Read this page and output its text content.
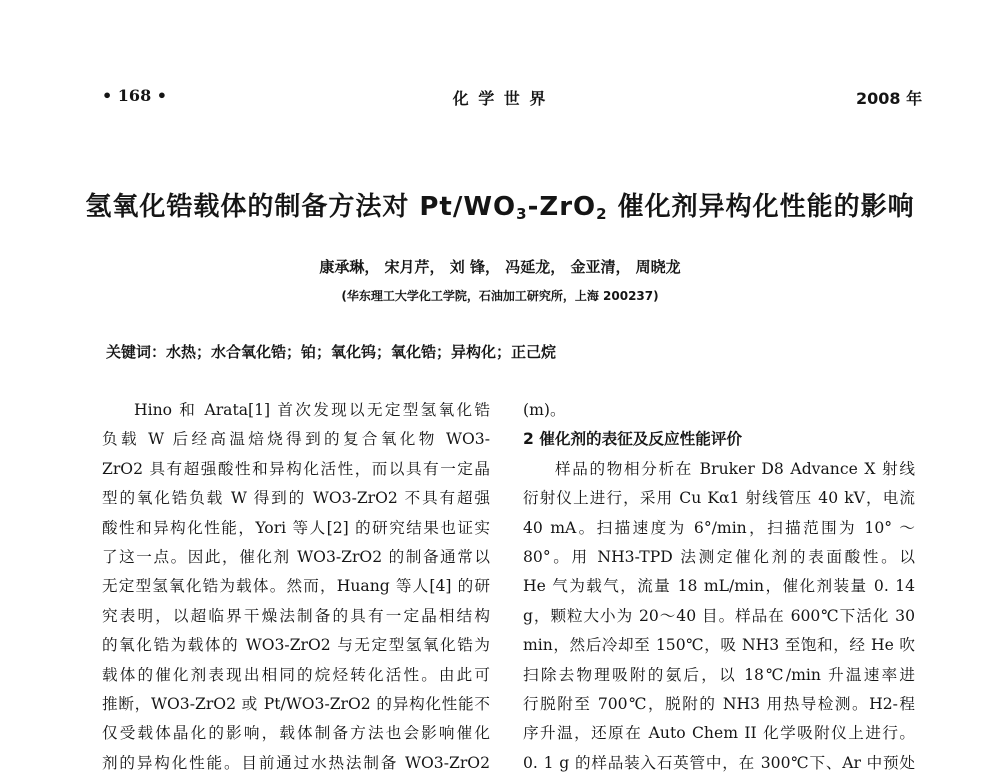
• 168 •	化 学 世 界	2008 年
氢氧化锆载体的制备方法对 $Pt/WO_3-ZrO_2$ 催化剂异构化性能的影响
康承琳， 宋月芹， 刘 锋， 冯延龙， 金亚清， 周晓龙
(华东理工大学化工学院，石油加工研究所，上海 200237)
关键词：水热；水合氧化锆；铂；氧化钨；氧化锆；异构化；正己烷
Hino 和 Arata[1] 首次发现以无定型氢氧化锆
负载 W 后经高温焙烧得到的复合氧化物 WO3-
ZrO2 具有超强酸性和异构化活性，而以具有一定晶
型的氧化锆负载 W 得到的 WO3-ZrO2 不具有超强
酸性和异构化性能，Yori 等人[2] 的研究结果也证实
了这一点。因此，催化剂 WO3-ZrO2 的制备通常以
无定型氢氧化锆为载体。然而，Huang 等人[4] 的研
究表明，以超临界干燥法制备的具有一定晶相结构
的氧化锆为载体的 WO3-ZrO2 与无定型氢氧化锆为
载体的催化剂表现出相同的烷烃转化活性。由此可
推断，WO3-ZrO2 或 Pt/WO3-ZrO2 的异构化性能不
仅受载体晶化的影响，载体制备方法也会影响催化
剂的异构化性能。目前通过水热法制备 WO3-ZrO2
(m)。
2 催化剂的表征及反应性能评价
样品的物相分析在 Bruker D8 Advance X 射线
衍射仪上进行，采用 Cu Kα1 射线管压 40 kV，电流
40 mA。扫描速度为 6°/min，扫描范围为 10° ～
80°。用 NH3-TPD 法测定催化剂的表面酸性。以
He 气为载气，流量 18 mL/min，催化剂装量 0. 14
g，颗粒大小为 20～40 目。样品在 600℃下活化 30
min，然后冷却至 150℃，吸 NH3 至饱和，经 He 吹
扫除去物理吸附的氨后，以 18℃/min 升温速率进
行脱附至 700℃，脱附的 NH3 用热导检测。H2-程
序升温，还原在 Auto Chem II 化学吸附仪上进行。
0. 1 g 的样品装入石英管中，在 300℃下、Ar 中预处
